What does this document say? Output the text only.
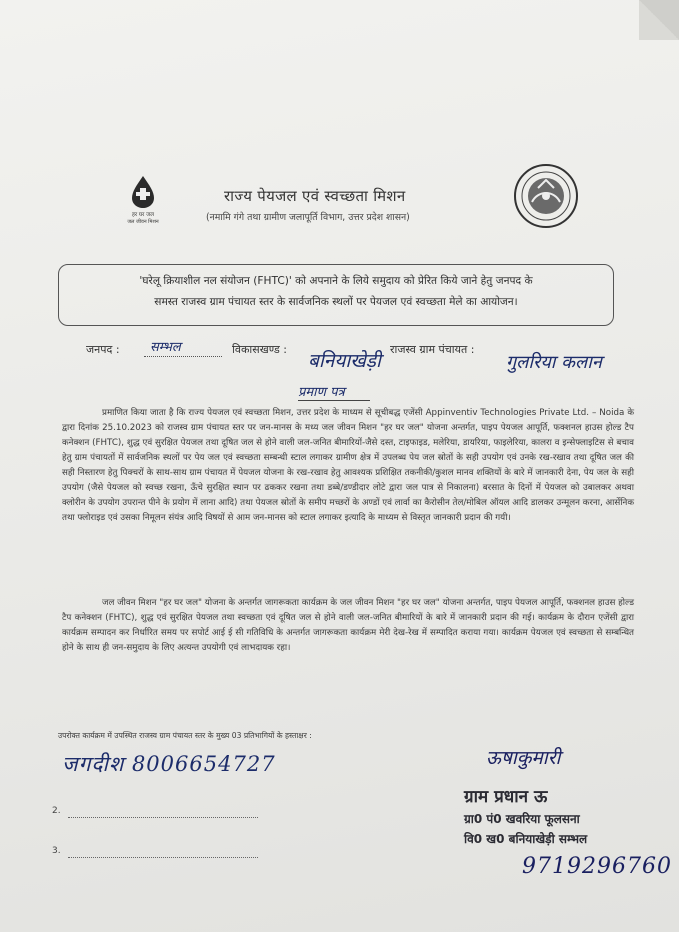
हर घर जल
जल जीवन मिशन
राज्य पेयजल एवं स्वच्छता मिशन
(नमामि गंगे तथा ग्रामीण जलापूर्ति विभाग, उत्तर प्रदेश शासन)
'घरेलू क्रियाशील नल संयोजन (FHTC)' को अपनाने के लिये समुदाय को प्रेरित किये जाने हेतु जनपद के
समस्त राजस्व ग्राम पंचायत स्तर के सार्वजनिक स्थलों पर पेयजल एवं स्वच्छता मेले का आयोजन।
जनपद : सम्भल	विकासखण्ड :
बनियाखेड़ी
राजस्व ग्राम पंचायत :
गुलरिया कलान
प्रमाण पत्र
प्रमाणित किया जाता है कि राज्य पेयजल एवं स्वच्छता मिशन, उत्तर प्रदेश के माध्यम से सूचीबद्ध एजेंसी Appinventiv Technologies Private Ltd. – Noida के द्वारा दिनांक 25.10.2023 को राजस्व ग्राम पंचायत स्तर पर जन-मानस के मध्य जल जीवन मिशन "हर घर जल" योजना अन्तर्गत, पाइप पेयजल आपूर्ति, फक्शनल हाउस होल्ड टैप कनेक्शन (FHTC), शुद्ध एवं सुरक्षित पेयजल तथा दूषित जल से होने वाली जल-जनित बीमारियों-जैसे दस्त, टाइफाइड, मलेरिया, डायरिया, फाइलेरिया, कालरा व इन्सेफ्लाइटिस से बचाव हेतु ग्राम पंचायतों में सार्वजनिक स्थलों पर पेय जल एवं स्वच्छता सम्बन्धी स्टाल लगाकर ग्रामीण क्षेत्र में उपलब्ध पेय जल स्रोतों के सही उपयोग एवं उनके रख-रखाव तथा दूषित जल की सही निस्तारण हेतु पिक्चरों के साथ-साथ ग्राम पंचायत में पेयजल योजना के रख-रखाव हेतु आवश्यक प्रशिक्षित तकनीकी/कुशल मानव शक्तियों के बारे में जानकारी देना, पेय जल के सही उपयोग (जैसे पेयजल को स्वच्छ रखना, ऊँचे सुरक्षित स्थान पर ढककर रखना तथा डब्बे/डण्डीदार लोटे द्वारा जल पात्र से निकालना) बरसात के दिनों में पेयजल को उबालकर अथवा क्लोरीन के उपयोग उपरान्त पीने के प्रयोग में लाना आदि) तथा पेयजल स्रोतों के समीप मच्छरों के अण्डों एवं लार्वा का कैरोसीन तेल/मोबिल ऑयल आदि डालकर उन्मूलन करना, आर्सेनिक तथा फ्लोराइड एवं उसका निमूलन संयंत्र आदि विषयों से आम जन-मानस को स्टाल लगाकर इत्यादि के माध्यम से विस्तृत जानकारी प्रदान की गयी।
जल जीवन मिशन "हर घर जल" योजना के अन्तर्गत जागरूकता कार्यक्रम के जल जीवन मिशन "हर घर जल" योजना अन्तर्गत, पाइप पेयजल आपूर्ति, फक्शनल हाउस होल्ड टैप कनेक्शन (FHTC), शुद्ध एवं सुरक्षित पेयजल तथा स्वच्छता एवं दूषित जल से होने वाली जल-जनित बीमारियों के बारे में जानकारी प्रदान की गई। कार्यक्रम के दौरान एजेंसी द्वारा कार्यक्रम सम्पादन कर निर्धारित समय पर सपोर्ट आई ई सी गतिविधि के अन्तर्गत जागरूकता कार्यक्रम मेरी देख-रेख में सम्पादित कराया गया। कार्यक्रम पेयजल एवं स्वच्छता से सम्बन्धित होने के साथ ही जन-समुदाय के लिए अत्यन्त उपयोगी एवं लाभदायक रहा।
उपरोक्त कार्यक्रम में उपस्थित राजस्व ग्राम पंचायत स्तर के मुख्य 03 प्रतिभागियों के हस्ताक्षर :
जगदीश 8006654727
2.
3.
ऊषाकुमारी
ग्राम प्रधान ऊ
ग्रा0 पं0 खवरिया फूलसना
वि0 ख0 बनियाखेड़ी सम्भल
9719296760
